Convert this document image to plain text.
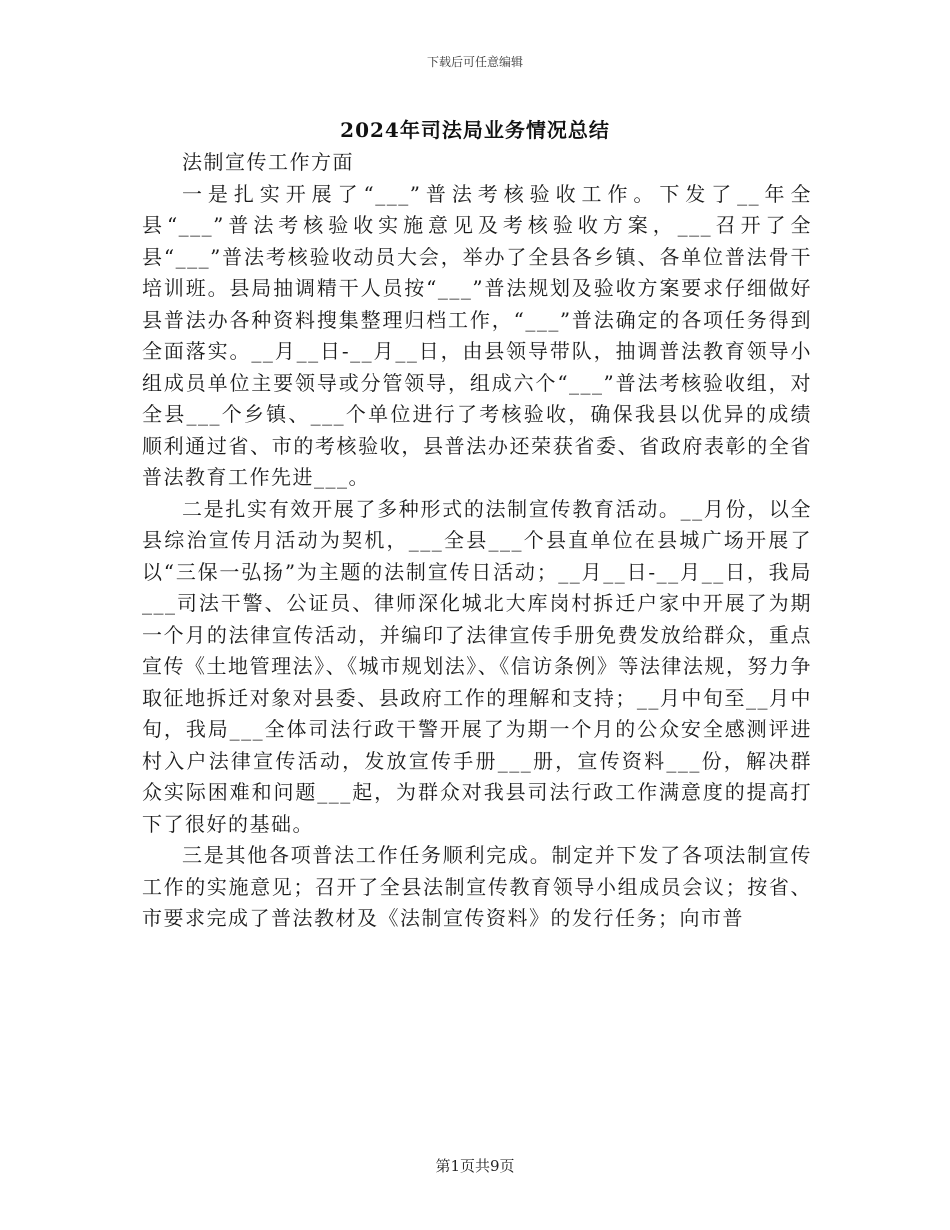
下载后可任意编辑
2024年司法局业务情况总结

法制宣传工作方面

一是扎实开展了“___”普法考核验收工作。下发了__年全县“___”普法考核验收实施意见及考核验收方案，___召开了全县“___”普法考核验收动员大会，举办了全县各乡镇、各单位普法骨干培训班。县局抽调精干人员按“___”普法规划及验收方案要求仔细做好县普法办各种资料搜集整理归档工作，“___”普法确定的各项任务得到全面落实。__月__日-__月__日，由县领导带队，抽调普法教育领导小组成员单位主要领导或分管领导，组成六个“___”普法考核验收组，对全县___个乡镇、___个单位进行了考核验收，确保我县以优异的成绩顺利通过省、市的考核验收，县普法办还荣获省委、省政府表彰的全省普法教育工作先进___。

二是扎实有效开展了多种形式的法制宣传教育活动。__月份，以全县综治宣传月活动为契机，___全县___个县直单位在县城广场开展了以“三保一弘扬”为主题的法制宣传日活动；__月__日-__月__日，我局___司法干警、公证员、律师深化城北大库岗村拆迁户家中开展了为期一个月的法律宣传活动，并编印了法律宣传手册免费发放给群众，重点宣传《土地管理法》、《城市规划法》、《信访条例》等法律法规，努力争取征地拆迁对象对县委、县政府工作的理解和支持；__月中旬至__月中旬，我局___全体司法行政干警开展了为期一个月的公众安全感测评进村入户法律宣传活动，发放宣传手册___册，宣传资料___份，解决群众实际困难和问题___起，为群众对我县司法行政工作满意度的提高打下了很好的基础。

三是其他各项普法工作任务顺利完成。制定并下发了各项法制宣传工作的实施意见；召开了全县法制宣传教育领导小组成员会议；按省、市要求完成了普法教材及《法制宣传资料》的发行任务；向市普

第1页共9页
